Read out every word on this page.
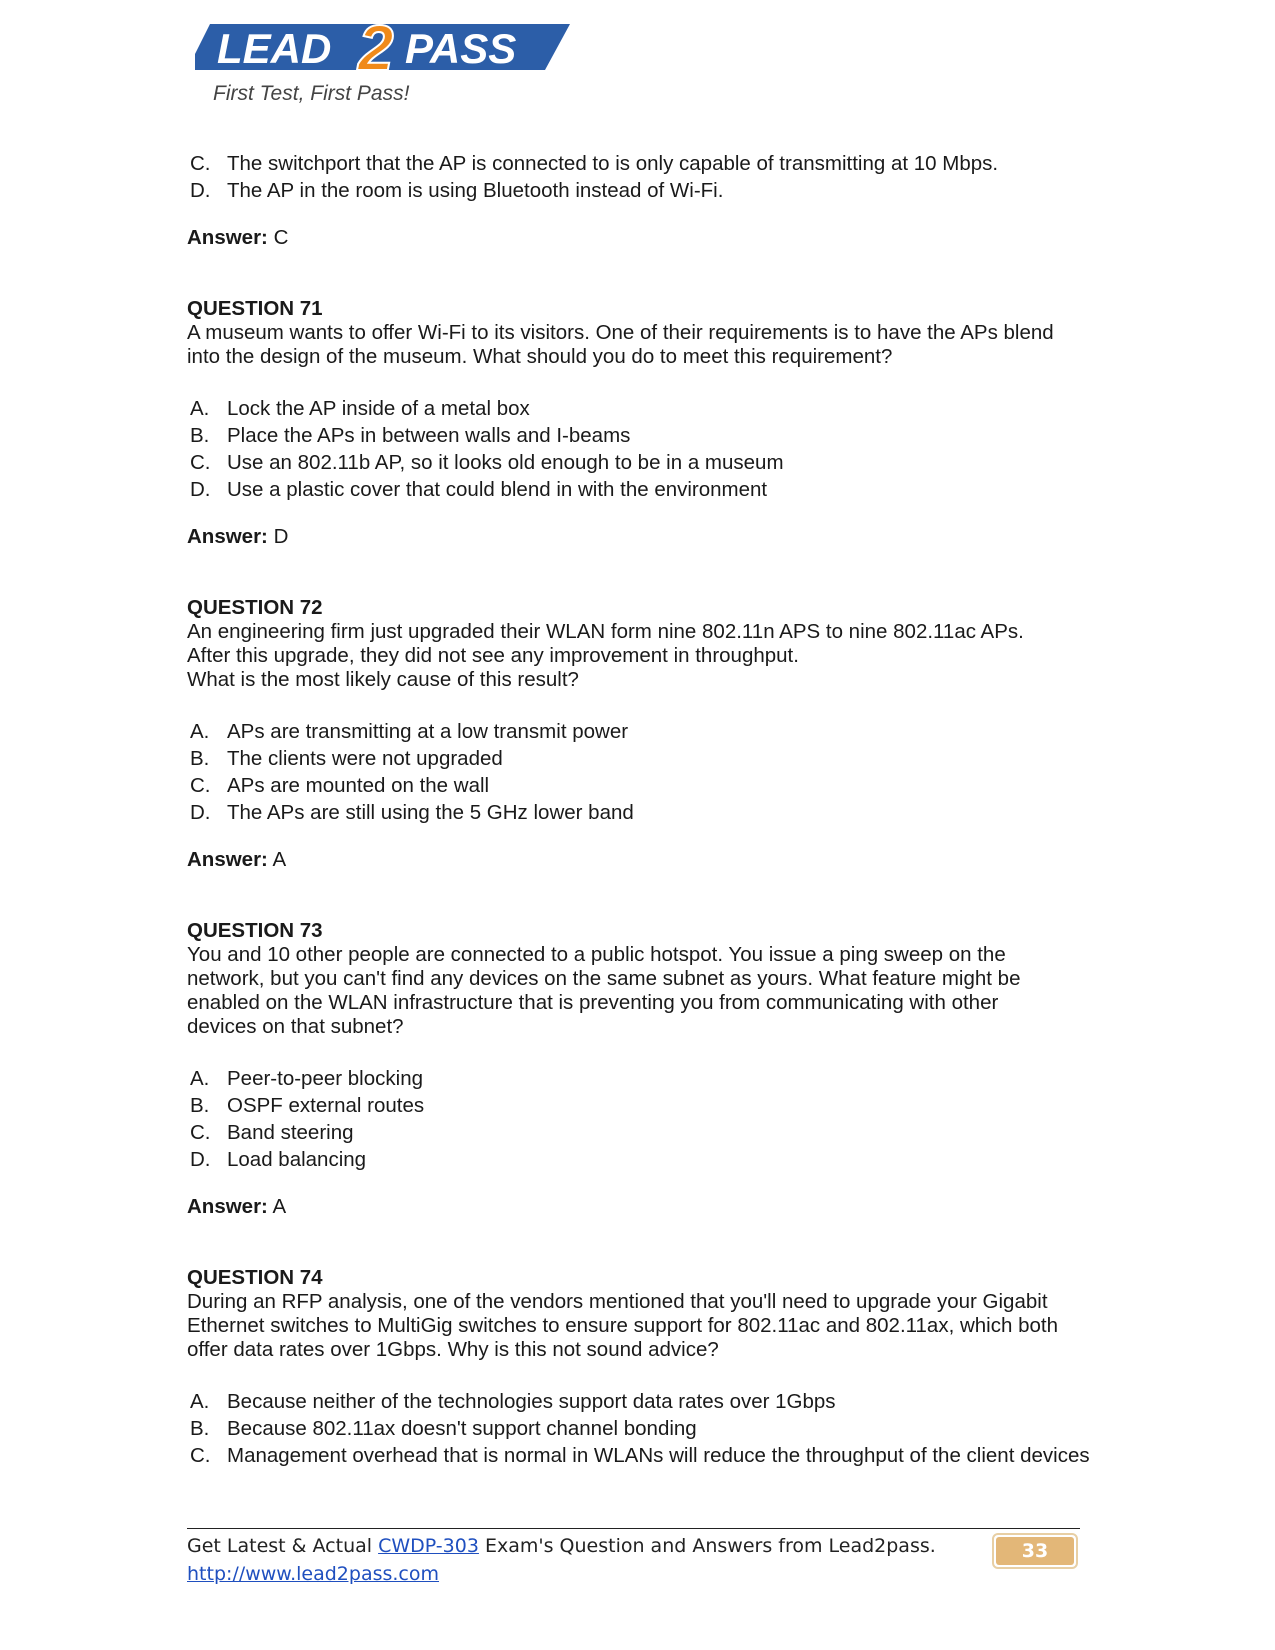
LEAD 2 PASS
First Test, First Pass!
C. The switchport that the AP is connected to is only capable of transmitting at 10 Mbps.
D. The AP in the room is using Bluetooth instead of Wi-Fi.
Answer: C
QUESTION 71
A museum wants to offer Wi-Fi to its visitors. One of their requirements is to have the APs blend
into the design of the museum. What should you do to meet this requirement?
A. Lock the AP inside of a metal box
B. Place the APs in between walls and I-beams
C. Use an 802.11b AP, so it looks old enough to be in a museum
D. Use a plastic cover that could blend in with the environment
Answer: D
QUESTION 72
An engineering firm just upgraded their WLAN form nine 802.11n APS to nine 802.11ac APs.
After this upgrade, they did not see any improvement in throughput.
What is the most likely cause of this result?
A. APs are transmitting at a low transmit power
B. The clients were not upgraded
C. APs are mounted on the wall
D. The APs are still using the 5 GHz lower band
Answer: A
QUESTION 73
You and 10 other people are connected to a public hotspot. You issue a ping sweep on the
network, but you can't find any devices on the same subnet as yours. What feature might be
enabled on the WLAN infrastructure that is preventing you from communicating with other
devices on that subnet?
A. Peer-to-peer blocking
B. OSPF external routes
C. Band steering
D. Load balancing
Answer: A
QUESTION 74
During an RFP analysis, one of the vendors mentioned that you'll need to upgrade your Gigabit
Ethernet switches to MultiGig switches to ensure support for 802.11ac and 802.11ax, which both
offer data rates over 1Gbps. Why is this not sound advice?
A. Because neither of the technologies support data rates over 1Gbps
B. Because 802.11ax doesn't support channel bonding
C. Management overhead that is normal in WLANs will reduce the throughput of the client devices
Get Latest & Actual CWDP-303 Exam's Question and Answers from Lead2pass.
http://www.lead2pass.com
33
